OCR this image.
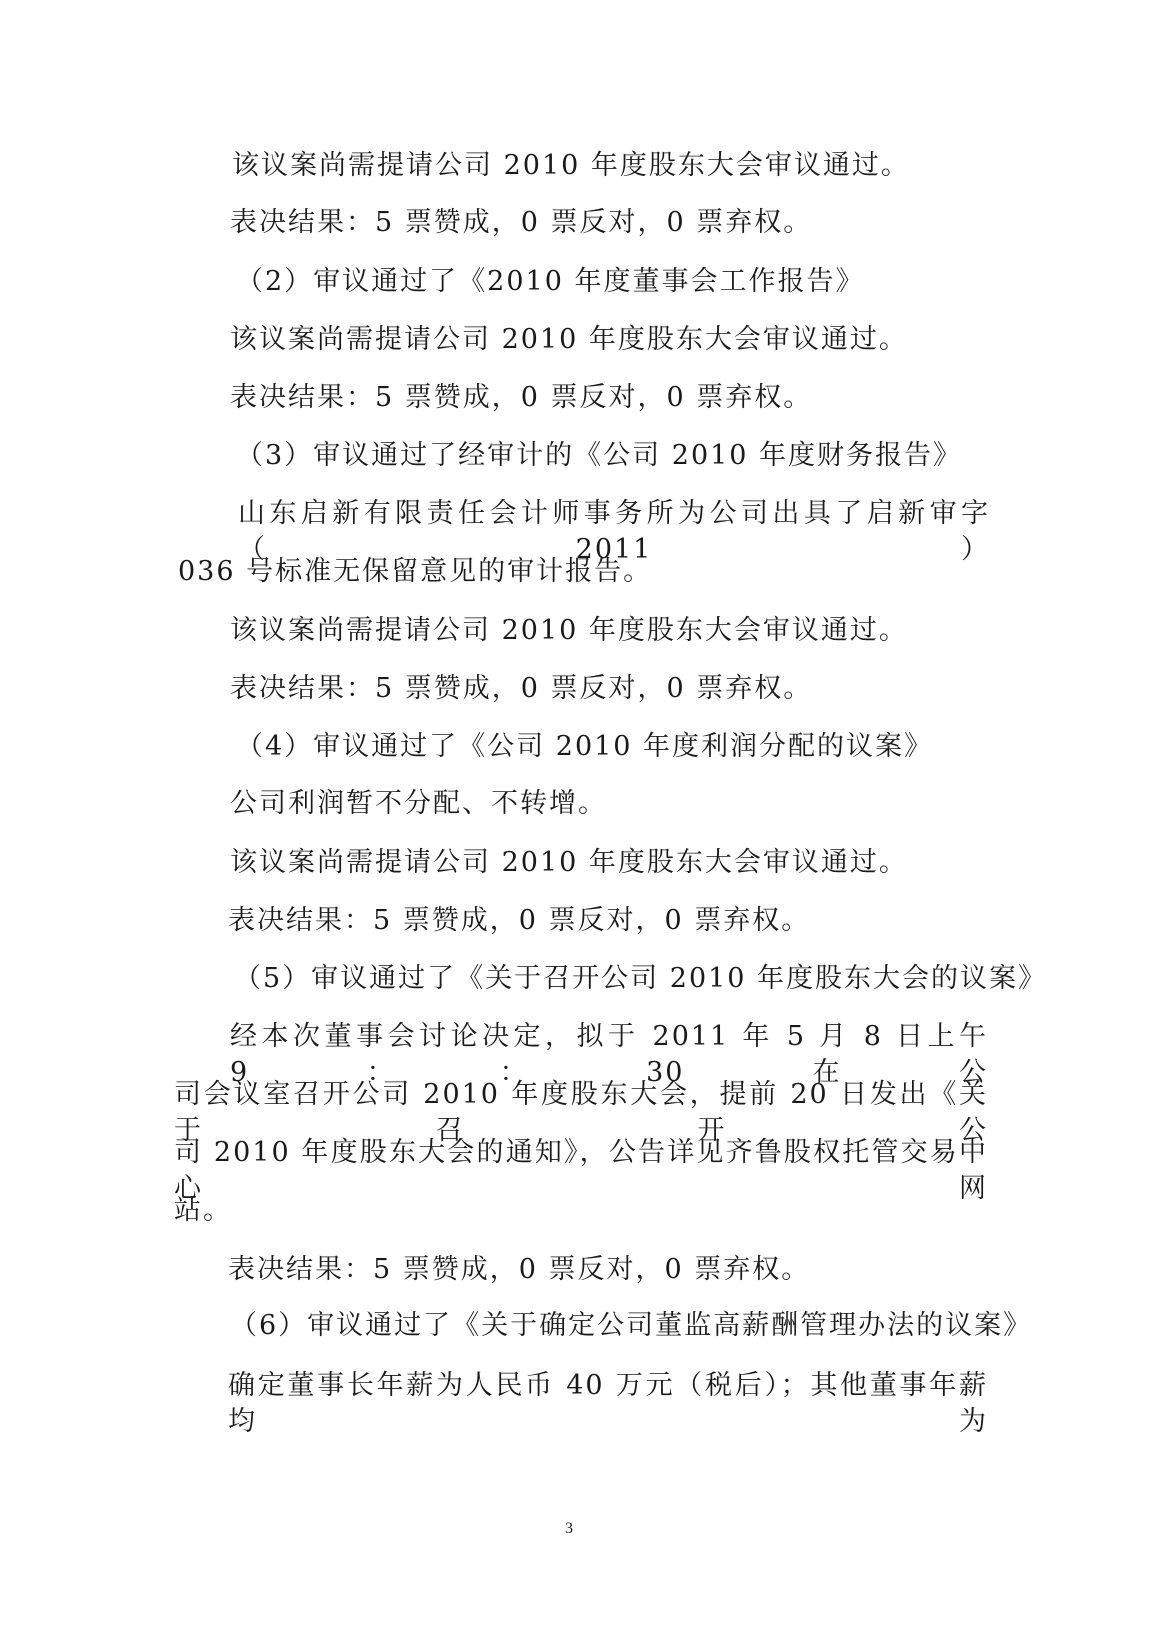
该议案尚需提请公司 2010 年度股东大会审议通过。
表决结果：5 票赞成，0 票反对，0 票弃权。
（2）审议通过了《2010 年度董事会工作报告》
该议案尚需提请公司 2010 年度股东大会审议通过。
表决结果：5 票赞成，0 票反对，0 票弃权。
（3）审议通过了经审计的《公司 2010 年度财务报告》
山东启新有限责任会计师事务所为公司出具了启新审字（2011）
036 号标准无保留意见的审计报告。
该议案尚需提请公司 2010 年度股东大会审议通过。
表决结果：5 票赞成，0 票反对，0 票弃权。
（4）审议通过了《公司 2010 年度利润分配的议案》
公司利润暂不分配、不转增。
该议案尚需提请公司 2010 年度股东大会审议通过。
表决结果：5 票赞成，0 票反对，0 票弃权。
（5）审议通过了《关于召开公司 2010 年度股东大会的议案》
经本次董事会讨论决定，拟于 2011 年 5 月 8 日上午 9：：30 在公
司会议室召开公司 2010 年度股东大会，提前 20 日发出《关于召开公
司 2010 年度股东大会的通知》，公告详见齐鲁股权托管交易中心网
站。
表决结果：5 票赞成，0 票反对，0 票弃权。
（6）审议通过了《关于确定公司董监高薪酬管理办法的议案》
确定董事长年薪为人民币 40 万元（税后）；其他董事年薪均为
3
